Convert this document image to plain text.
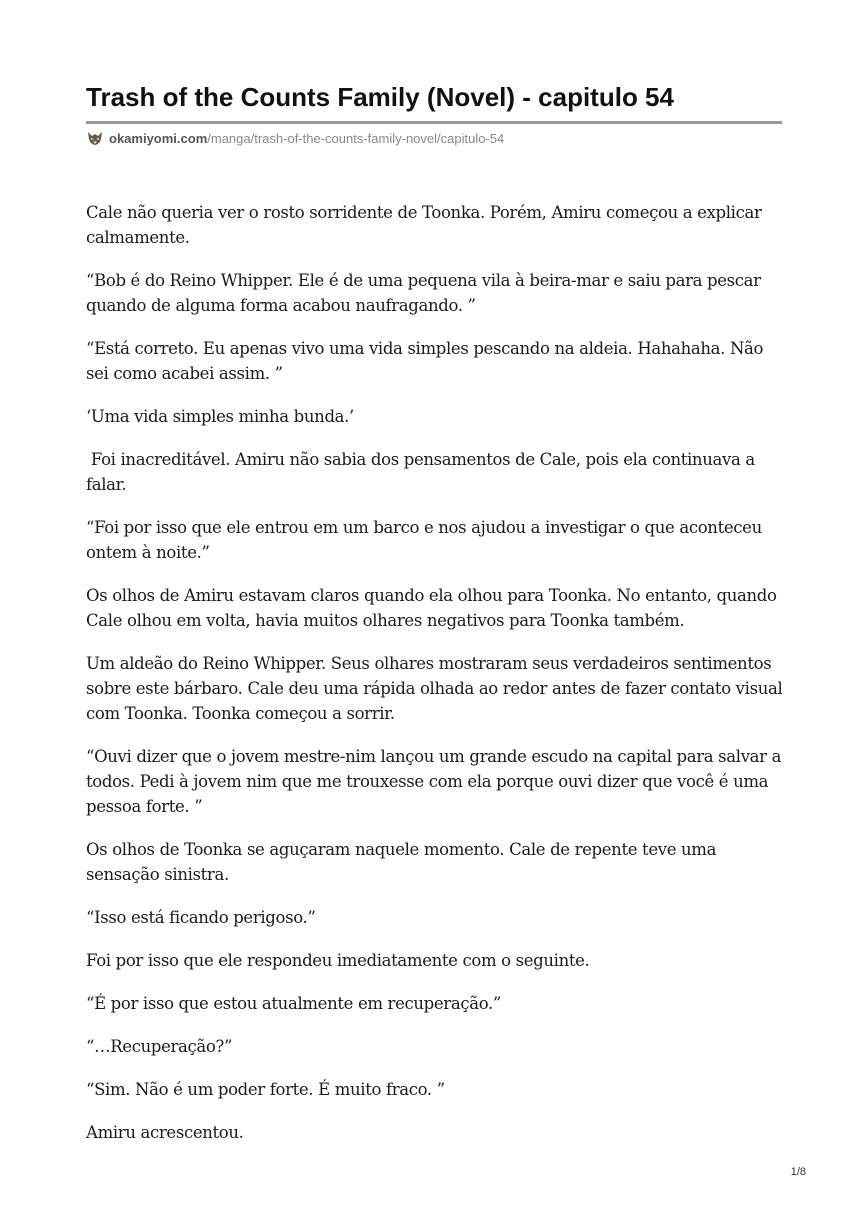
Trash of the Counts Family (Novel) - capitulo 54
okamiyomi.com /manga/trash-of-the-counts-family-novel/capitulo-54

Cale não queria ver o rosto sorridente de Toonka. Porém, Amiru começou a explicar calmamente.

“Bob é do Reino Whipper. Ele é de uma pequena vila à beira-mar e saiu para pescar quando de alguma forma acabou naufragando. ”

“Está correto. Eu apenas vivo uma vida simples pescando na aldeia. Hahahaha. Não sei como acabei assim. ”

‘Uma vida simples minha bunda.’

Foi inacreditável. Amiru não sabia dos pensamentos de Cale, pois ela continuava a falar.

“Foi por isso que ele entrou em um barco e nos ajudou a investigar o que aconteceu ontem à noite.”

Os olhos de Amiru estavam claros quando ela olhou para Toonka. No entanto, quando Cale olhou em volta, havia muitos olhares negativos para Toonka também.

Um aldeão do Reino Whipper. Seus olhares mostraram seus verdadeiros sentimentos sobre este bárbaro. Cale deu uma rápida olhada ao redor antes de fazer contato visual com Toonka. Toonka começou a sorrir.

“Ouvi dizer que o jovem mestre-nim lançou um grande escudo na capital para salvar a todos. Pedi à jovem nim que me trouxesse com ela porque ouvi dizer que você é uma pessoa forte. ”

Os olhos de Toonka se aguçaram naquele momento. Cale de repente teve uma sensação sinistra.

“Isso está ficando perigoso.”

Foi por isso que ele respondeu imediatamente com o seguinte.

“É por isso que estou atualmente em recuperação.”

“…Recuperação?”

“Sim. Não é um poder forte. É muito fraco. ”

Amiru acrescentou.

1/8
